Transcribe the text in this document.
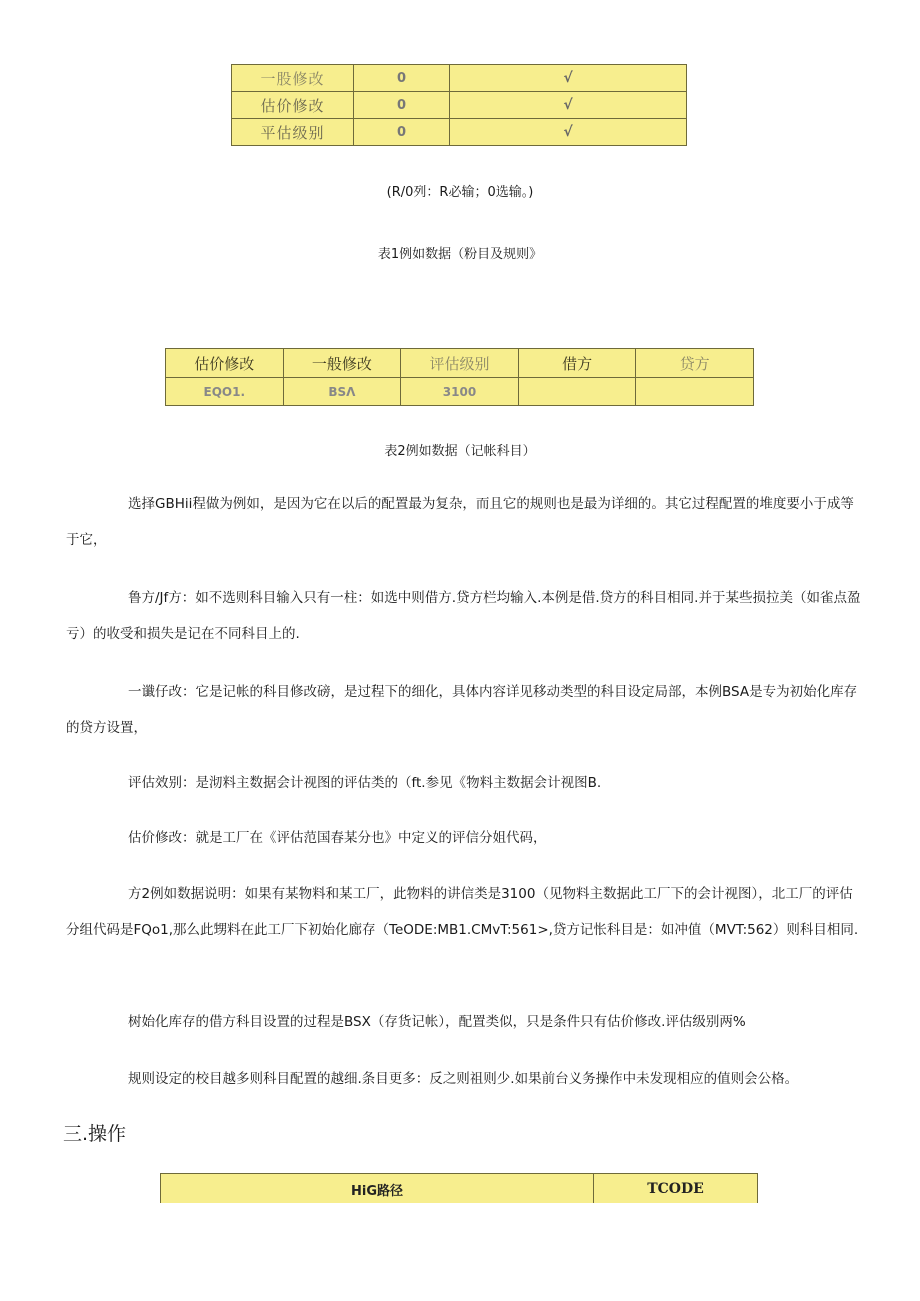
一股修改	0	√
估价修改	0	√
平估级别	0	√
(R/0列：R必输；0选输。)
表1例如数据（粉目及规则》
估价修改	一般修改	评估级别	借方	贷方
EQO1.	BSΛ	3100		
表2例如数据（记帐科目）

选择GBHii程做为例如，是因为它在以后的配置最为复杂，而且它的规则也是最为详细的。其它过程配置的堆度要小于成等于它，

鲁方/Jf方：如不选则科目输入只有一柱：如选中则借方.贷方栏均输入.本例是借.贷方的科目相同.并于某些损拉美（如雀点盈亏）的收受和损失是记在不同科目上的.

一谶仔改：它是记帐的科目修改磅，是过程下的细化，具体内容详见移动类型的科目设定局部，本例BSA是专为初始化库存的贷方设置，

评估效别：是沏料主数据会计视图的评估类的（ft.参见《物料主数据会计视图B.

估价修改：就是工厂在《评估范国春某分也》中定义的评信分姐代码，

方2例如数据说明：如果有某物料和某工厂，此物料的讲信类是3100（见物料主数据此工厂下的会计视图），北工厂的评估分组代码是FQo1,那么此甥料在此工厂下初始化廊存（TeODE:MB1.CMvT:561>,贷方记怅科目是：如冲值（MVT:562）则科目相同.

树始化库存的借方科目设置的过程是BSX（存货记帐），配置类似，只是条件只有估价修改.评估级别两%

规则设定的校目越多则科目配置的越细.条目更多：反之则祖则少.如果前台义务操作中未发现相应的值则会公格。

三.操作
HiG路径	TCODE
